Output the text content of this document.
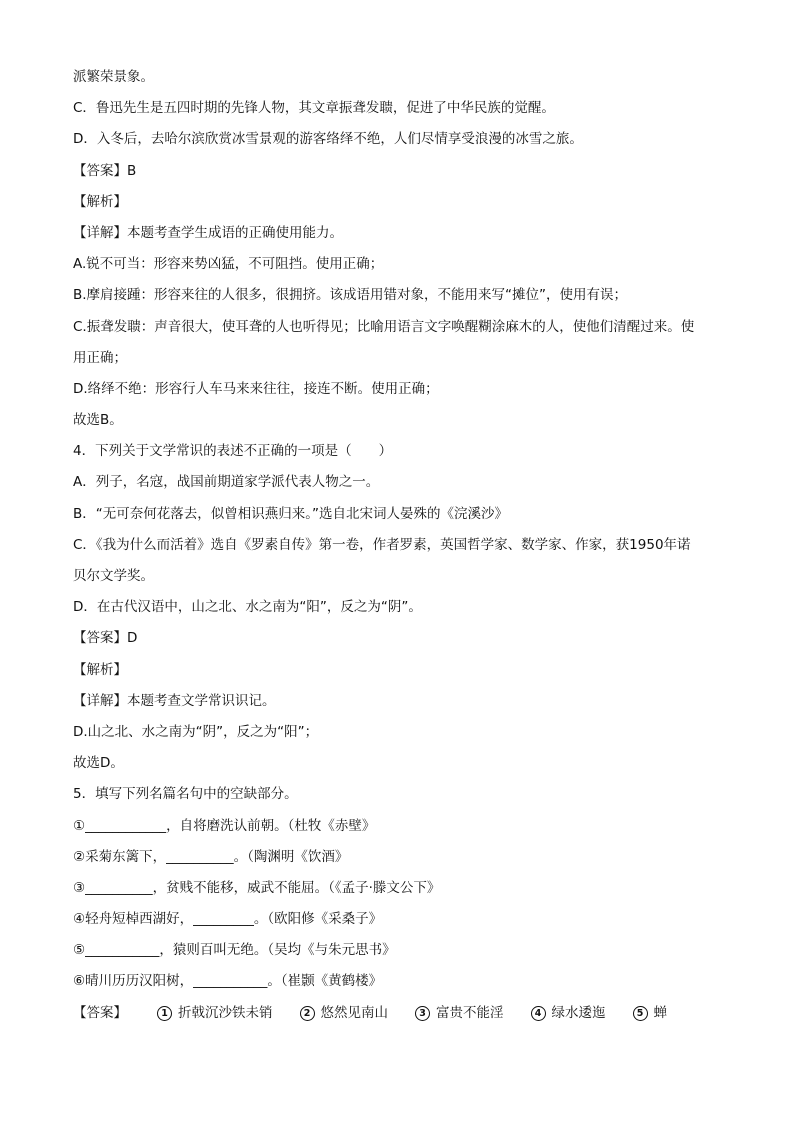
派繁荣景象。
C．鲁迅先生是五四时期的先锋人物，其文章振聋发聩，促进了中华民族的觉醒。
D．入冬后，去哈尔滨欣赏冰雪景观的游客络绎不绝，人们尽情享受浪漫的冰雪之旅。
【答案】B
【解析】
【详解】本题考查学生成语的正确使用能力。
A.锐不可当：形容来势凶猛，不可阻挡。使用正确；
B.摩肩接踵：形容来往的人很多，很拥挤。该成语用错对象，不能用来写“摊位”，使用有误；
C.振聋发聩：声音很大，使耳聋的人也听得见；比喻用语言文字唤醒糊涂麻木的人，使他们清醒过来。使
用正确；
D.络绎不绝：形容行人车马来来往往，接连不断。使用正确；
故选B。
4．下列关于文学常识的表述不正确的一项是（　　）
A．列子，名寇，战国前期道家学派代表人物之一。
B．“无可奈何花落去，似曾相识燕归来。”选自北宋词人晏殊的《浣溪沙》
C．《我为什么而活着》选自《罗素自传》第一卷，作者罗素，英国哲学家、数学家、作家，获1950年诺
贝尔文学奖。
D．在古代汉语中，山之北、水之南为“阳”，反之为“阴”。
【答案】D
【解析】
【详解】本题考查文学常识识记。
D.山之北、水之南为“阴”，反之为“阳”；
故选D。
5．填写下列名篇名句中的空缺部分。
①____________，自将磨洗认前朝。（杜牧《赤壁》
②采菊东篱下，__________。（陶渊明《饮酒》
③__________，贫贱不能移，威武不能屈。（《孟子·滕文公下》
④轻舟短棹西湖好，_________。（欧阳修《采桑子》
⑤___________，猿则百叫无绝。（吴均《与朱元思书》
⑥晴川历历汉阳树，___________。（崔颢《黄鹤楼》
【答案】	1 折戟沉沙铁未销	2 悠然见南山	3 富贵不能淫	4 绿水逶迤	5 蝉
